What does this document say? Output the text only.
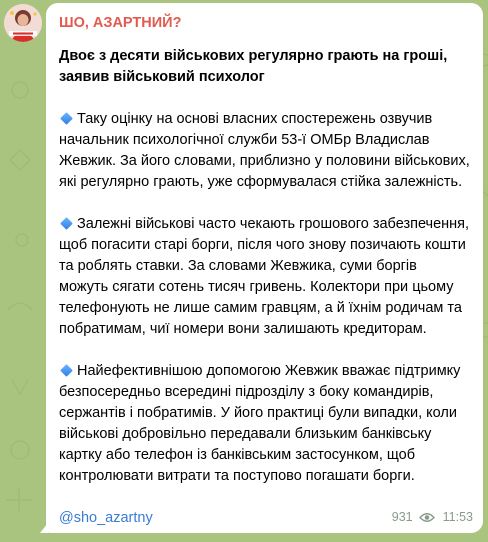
ШО, АЗАРТНИЙ?

Двоє з десяти військових регулярно грають на гроші, заявив військовий психолог

Таку оцінку на основі власних спостережень озвучив начальник психологічної служби 53-ї ОМБр Владислав Жевжик. За його словами, приблизно у половини військових, які регулярно грають, уже сформувалася стійка залежність.

Залежні військові часто чекають грошового забезпечення, щоб погасити старі борги, після чого знову позичають кошти та роблять ставки. За словами Жевжика, суми боргів можуть сягати сотень тисяч гривень. Колектори при цьому телефонують не лише самим гравцям, а й їхнім родичам та побратимам, чиї номери вони залишають кредиторам.

Найефективнішою допомогою Жевжик вважає підтримку безпосередньо всередині підрозділу з боку командирів, сержантів і побратимів. У його практиці були випадки, коли військові добровільно передавали близьким банківську картку або телефон із банківським застосунком, щоб контролювати витрати та поступово погашати борги.

@sho_azartny	931 11:53
